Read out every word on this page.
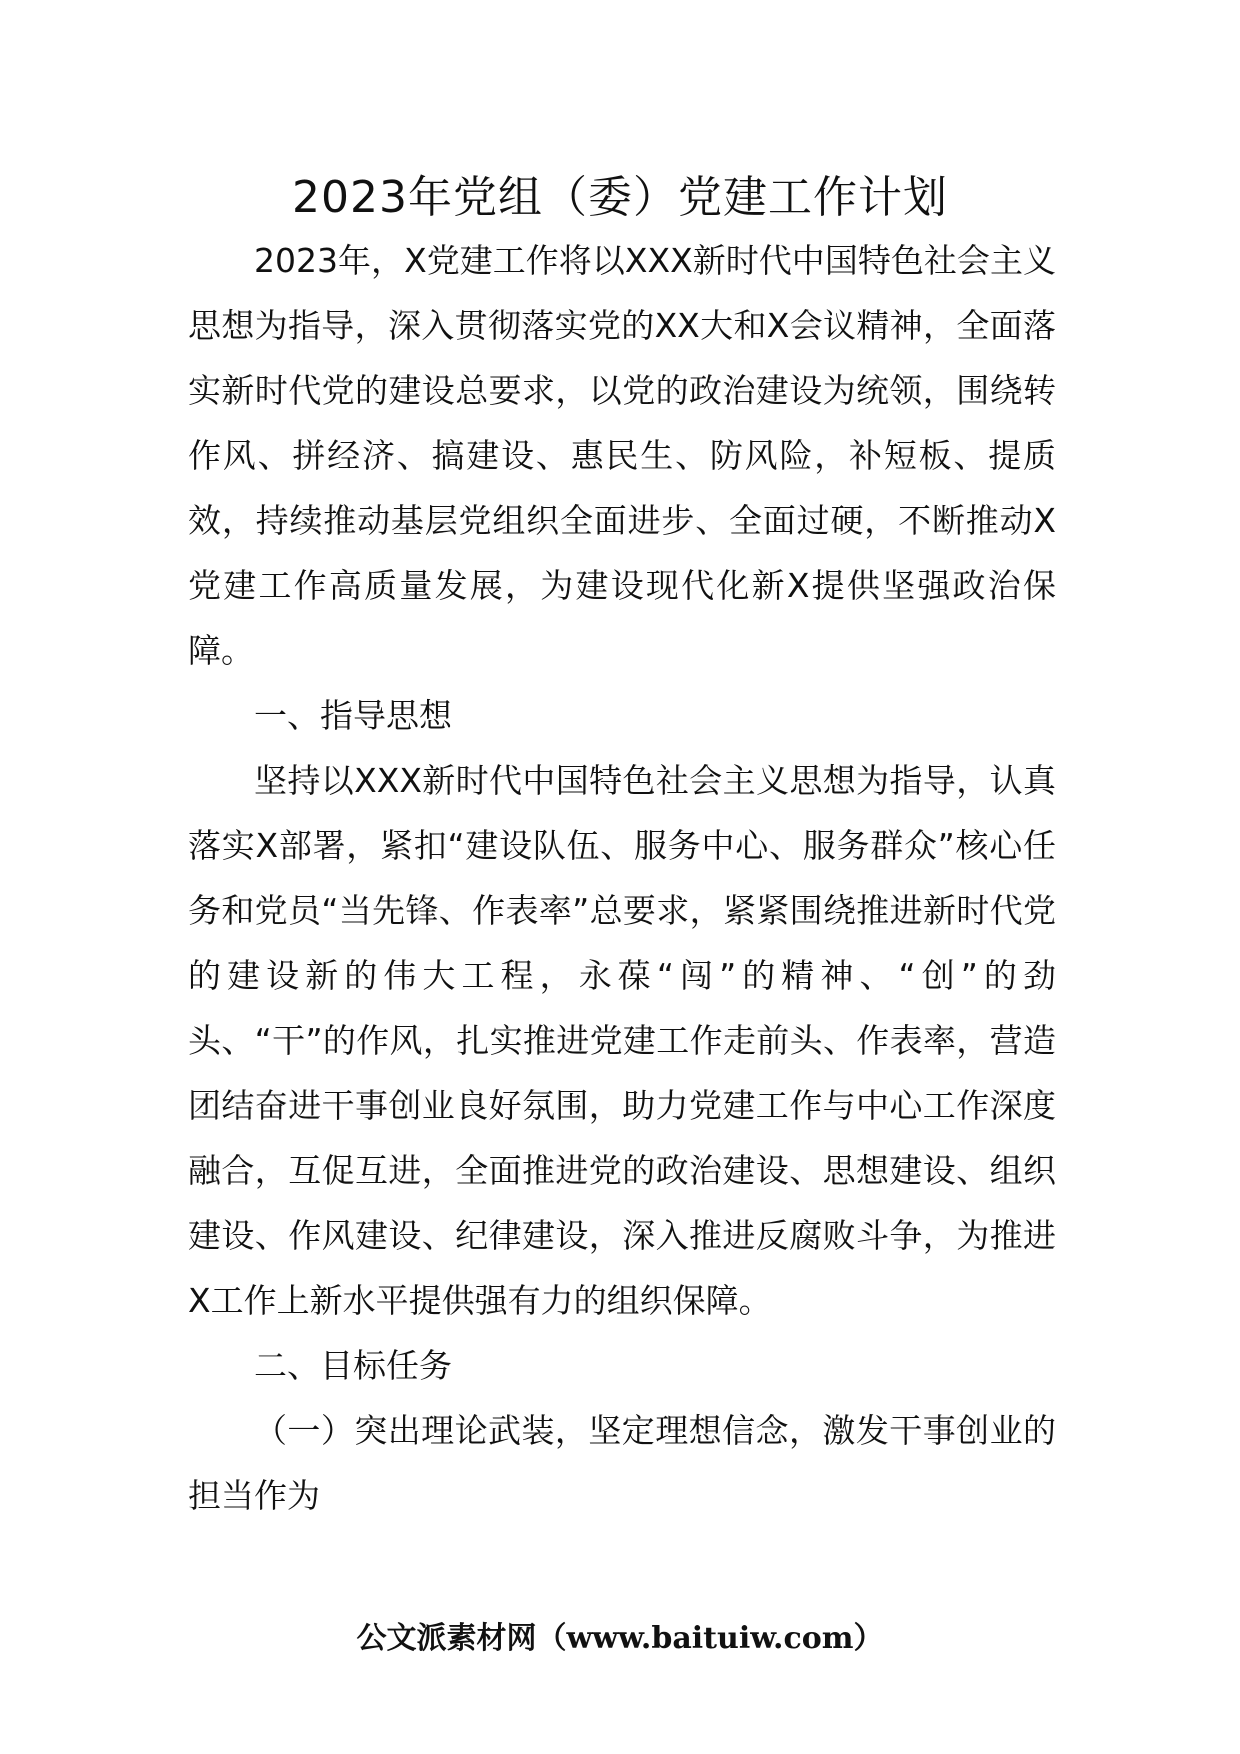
2023年党组（委）党建工作计划

2023年，X党建工作将以XXX新时代中国特色社会主义思想为指导，深入贯彻落实党的XX大和X会议精神，全面落实新时代党的建设总要求，以党的政治建设为统领，围绕转作风、拼经济、搞建设、惠民生、防风险，补短板、提质效，持续推动基层党组织全面进步、全面过硬，不断推动X党建工作高质量发展，为建设现代化新X提供坚强政治保障。

一、指导思想

坚持以XXX新时代中国特色社会主义思想为指导，认真落实X部署，紧扣“建设队伍、服务中心、服务群众”核心任务和党员“当先锋、作表率”总要求，紧紧围绕推进新时代党的建设新的伟大工程，永葆“闯”的精神、“创”的劲头、“干”的作风，扎实推进党建工作走前头、作表率，营造团结奋进干事创业良好氛围，助力党建工作与中心工作深度融合，互促互进，全面推进党的政治建设、思想建设、组织建设、作风建设、纪律建设，深入推进反腐败斗争，为推进X工作上新水平提供强有力的组织保障。

二、目标任务

（一）突出理论武装，坚定理想信念，激发干事创业的担当作为

公文派素材网（www.baituiw.com）
